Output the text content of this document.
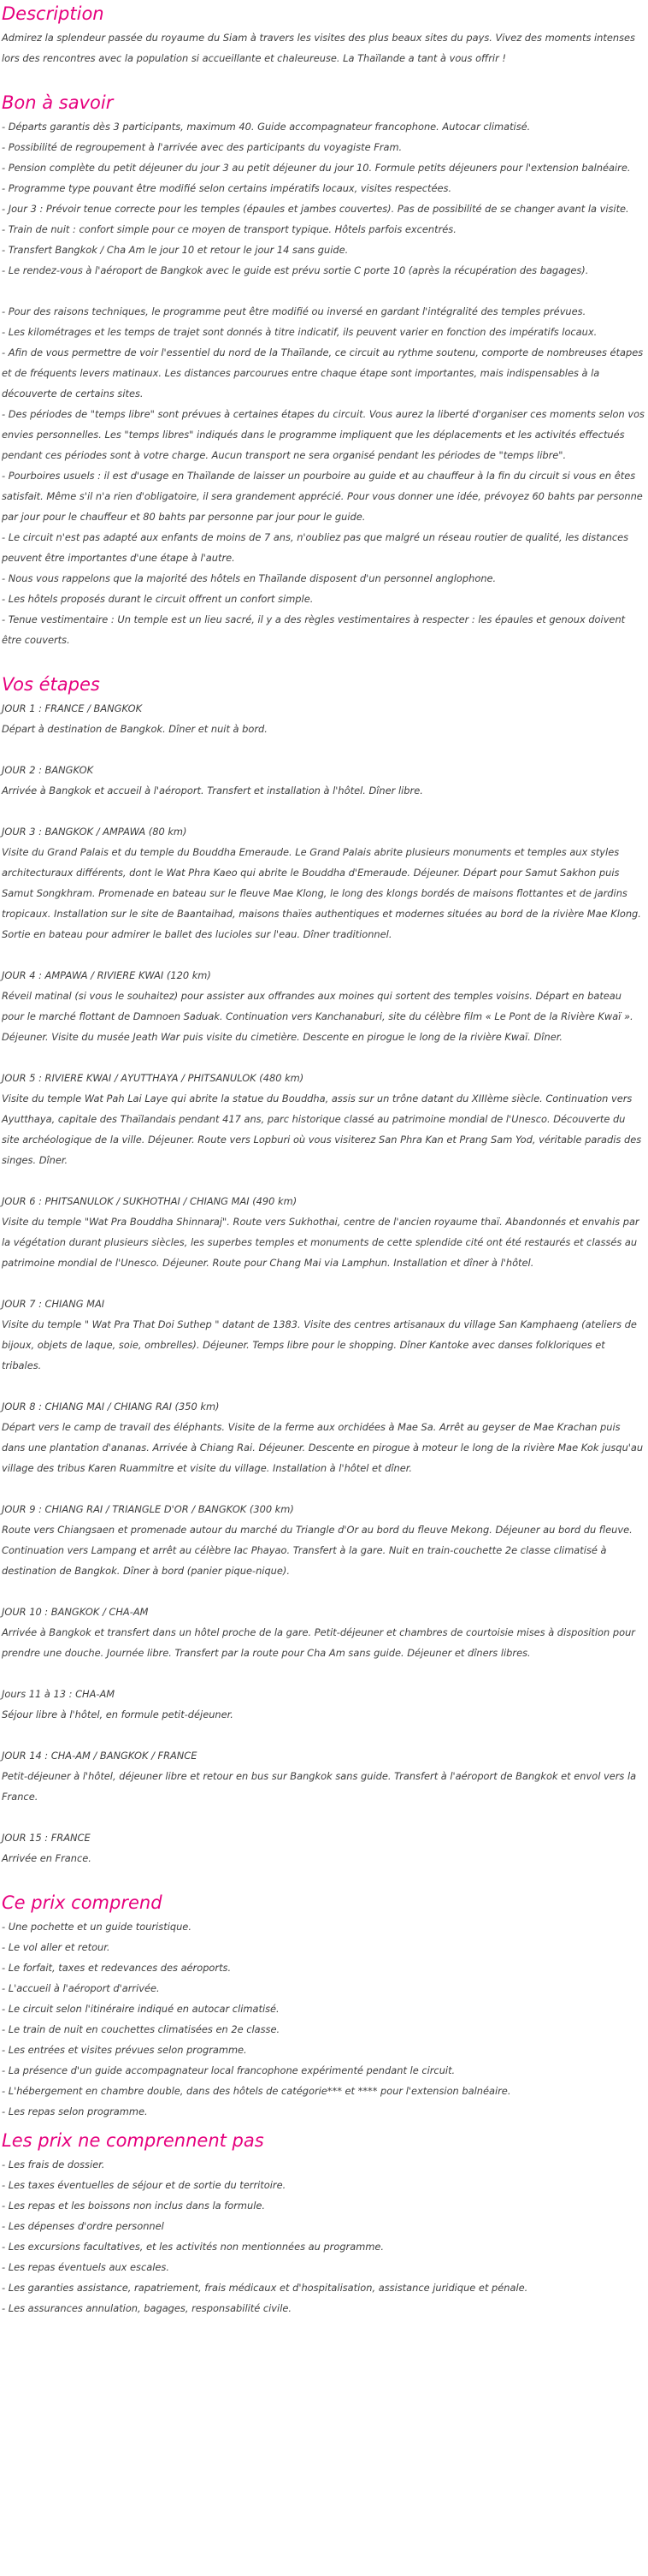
Description

Admirez la splendeur passée du royaume du Siam à travers les visites des plus beaux sites du pays. Vivez des moments intenses lors des rencontres avec la population si accueillante et chaleureuse. La Thaïlande a tant à vous offrir !

Bon à savoir

- Départs garantis dès 3 participants, maximum 40. Guide accompagnateur francophone. Autocar climatisé.

- Possibilité de regroupement à l'arrivée avec des participants du voyagiste Fram.

- Pension complète du petit déjeuner du jour 3 au petit déjeuner du jour 10. Formule petits déjeuners pour l'extension balnéaire.

- Programme type pouvant être modifié selon certains impératifs locaux, visites respectées.

- Jour 3 : Prévoir tenue correcte pour les temples (épaules et jambes couvertes). Pas de possibilité de se changer avant la visite.

- Train de nuit : confort simple pour ce moyen de transport typique. Hôtels parfois excentrés.

- Transfert Bangkok / Cha Am le jour 10 et retour le jour 14 sans guide.

- Le rendez-vous à l'aéroport de Bangkok avec le guide est prévu sortie C porte 10 (après la récupération des bagages).

- Pour des raisons techniques, le programme peut être modifié ou inversé en gardant l'intégralité des temples prévues.

- Les kilométrages et les temps de trajet sont donnés à titre indicatif, ils peuvent varier en fonction des impératifs locaux.

- Afin de vous permettre de voir l'essentiel du nord de la Thaïlande, ce circuit au rythme soutenu, comporte de nombreuses étapes et de fréquents levers matinaux. Les distances parcourues entre chaque étape sont importantes, mais indispensables à la découverte de certains sites.

- Des périodes de "temps libre" sont prévues à certaines étapes du circuit. Vous aurez la liberté d'organiser ces moments selon vos envies personnelles. Les "temps libres" indiqués dans le programme impliquent que les déplacements et les activités effectués pendant ces périodes sont à votre charge. Aucun transport ne sera organisé pendant les périodes de "temps libre".

- Pourboires usuels : il est d'usage en Thaïlande de laisser un pourboire au guide et au chauffeur à la fin du circuit si vous en êtes satisfait. Même s'il n'a rien d'obligatoire, il sera grandement apprécié. Pour vous donner une idée, prévoyez 60 bahts par personne par jour pour le chauffeur et 80 bahts par personne par jour pour le guide.

- Le circuit n'est pas adapté aux enfants de moins de 7 ans, n'oubliez pas que malgré un réseau routier de qualité, les distances peuvent être importantes d'une étape à l'autre.

- Nous vous rappelons que la majorité des hôtels en Thaïlande disposent d'un personnel anglophone.

- Les hôtels proposés durant le circuit offrent un confort simple.

- Tenue vestimentaire : Un temple est un lieu sacré, il y a des règles vestimentaires à respecter : les épaules et genoux doivent être couverts.

Vos étapes

JOUR 1 : FRANCE / BANGKOK

Départ à destination de Bangkok. Dîner et nuit à bord.

JOUR 2 : BANGKOK

Arrivée à Bangkok et accueil à l'aéroport. Transfert et installation à l'hôtel. Dîner libre.

JOUR 3 : BANGKOK / AMPAWA (80 km)

Visite du Grand Palais et du temple du Bouddha Emeraude. Le Grand Palais abrite plusieurs monuments et temples aux styles architecturaux différents, dont le Wat Phra Kaeo qui abrite le Bouddha d'Emeraude. Déjeuner. Départ pour Samut Sakhon puis Samut Songkhram. Promenade en bateau sur le fleuve Mae Klong, le long des klongs bordés de maisons flottantes et de jardins tropicaux. Installation sur le site de Baantaihad, maisons thaïes authentiques et modernes situées au bord de la rivière Mae Klong. Sortie en bateau pour admirer le ballet des lucioles sur l'eau. Dîner traditionnel.

JOUR 4 : AMPAWA / RIVIERE KWAI (120 km)

Réveil matinal (si vous le souhaitez) pour assister aux offrandes aux moines qui sortent des temples voisins. Départ en bateau pour le marché flottant de Damnoen Saduak. Continuation vers Kanchanaburi, site du célèbre film « Le Pont de la Rivière Kwaï ». Déjeuner. Visite du musée Jeath War puis visite du cimetière. Descente en pirogue le long de la rivière Kwaï. Dîner.

JOUR 5 : RIVIERE KWAI / AYUTTHAYA / PHITSANULOK (480 km)

Visite du temple Wat Pah Lai Laye qui abrite la statue du Bouddha, assis sur un trône datant du XIIIème siècle. Continuation vers Ayutthaya, capitale des Thaïlandais pendant 417 ans, parc historique classé au patrimoine mondial de l'Unesco. Découverte du site archéologique de la ville. Déjeuner. Route vers Lopburi où vous visiterez San Phra Kan et Prang Sam Yod, véritable paradis des singes. Dîner.

JOUR 6 : PHITSANULOK / SUKHOTHAI / CHIANG MAI (490 km)

Visite du temple "Wat Pra Bouddha Shinnaraj". Route vers Sukhothai, centre de l'ancien royaume thaï. Abandonnés et envahis par la végétation durant plusieurs siècles, les superbes temples et monuments de cette splendide cité ont été restaurés et classés au patrimoine mondial de l'Unesco. Déjeuner. Route pour Chang Mai via Lamphun. Installation et dîner à l'hôtel.

JOUR 7 : CHIANG MAI

Visite du temple " Wat Pra That Doi Suthep " datant de 1383. Visite des centres artisanaux du village San Kamphaeng (ateliers de bijoux, objets de laque, soie, ombrelles). Déjeuner. Temps libre pour le shopping. Dîner Kantoke avec danses folkloriques et tribales.

JOUR 8 : CHIANG MAI / CHIANG RAI (350 km)

Départ vers le camp de travail des éléphants. Visite de la ferme aux orchidées à Mae Sa. Arrêt au geyser de Mae Krachan puis dans une plantation d'ananas. Arrivée à Chiang Rai. Déjeuner. Descente en pirogue à moteur le long de la rivière Mae Kok jusqu'au village des tribus Karen Ruammitre et visite du village. Installation à l'hôtel et dîner.

JOUR 9 : CHIANG RAI / TRIANGLE D'OR / BANGKOK (300 km)

Route vers Chiangsaen et promenade autour du marché du Triangle d'Or au bord du fleuve Mekong. Déjeuner au bord du fleuve.
Continuation vers Lampang et arrêt au célèbre lac Phayao. Transfert à la gare. Nuit en train-couchette 2e classe climatisé à destination de Bangkok. Dîner à bord (panier pique-nique).

JOUR 10 : BANGKOK / CHA-AM

Arrivée à Bangkok et transfert dans un hôtel proche de la gare. Petit-déjeuner et chambres de courtoisie mises à disposition pour prendre une douche. Journée libre. Transfert par la route pour Cha Am sans guide. Déjeuner et dîners libres.

Jours 11 à 13 : CHA-AM

Séjour libre à l'hôtel, en formule petit-déjeuner.

JOUR 14 : CHA-AM / BANGKOK / FRANCE

Petit-déjeuner à l'hôtel, déjeuner libre et retour en bus sur Bangkok sans guide. Transfert à l'aéroport de Bangkok et envol vers la France.

JOUR 15 : FRANCE

Arrivée en France.

Ce prix comprend

- Une pochette et un guide touristique.

- Le vol aller et retour.

- Le forfait, taxes et redevances des aéroports.

- L'accueil à l'aéroport d'arrivée.

- Le circuit selon l'itinéraire indiqué en autocar climatisé.

- Le train de nuit en couchettes climatisées en 2e classe.

- Les entrées et visites prévues selon programme.

- La présence d'un guide accompagnateur local francophone expérimenté pendant le circuit.

- L'hébergement en chambre double, dans des hôtels de catégorie*** et **** pour l'extension balnéaire.

- Les repas selon programme.

Les prix ne comprennent pas

- Les frais de dossier.

- Les taxes éventuelles de séjour et de sortie du territoire.

- Les repas et les boissons non inclus dans la formule.

- Les dépenses d'ordre personnel

- Les excursions facultatives, et les activités non mentionnées au programme.

- Les repas éventuels aux escales.

- Les garanties assistance, rapatriement, frais médicaux et d'hospitalisation, assistance juridique et pénale.

- Les assurances annulation, bagages, responsabilité civile.
